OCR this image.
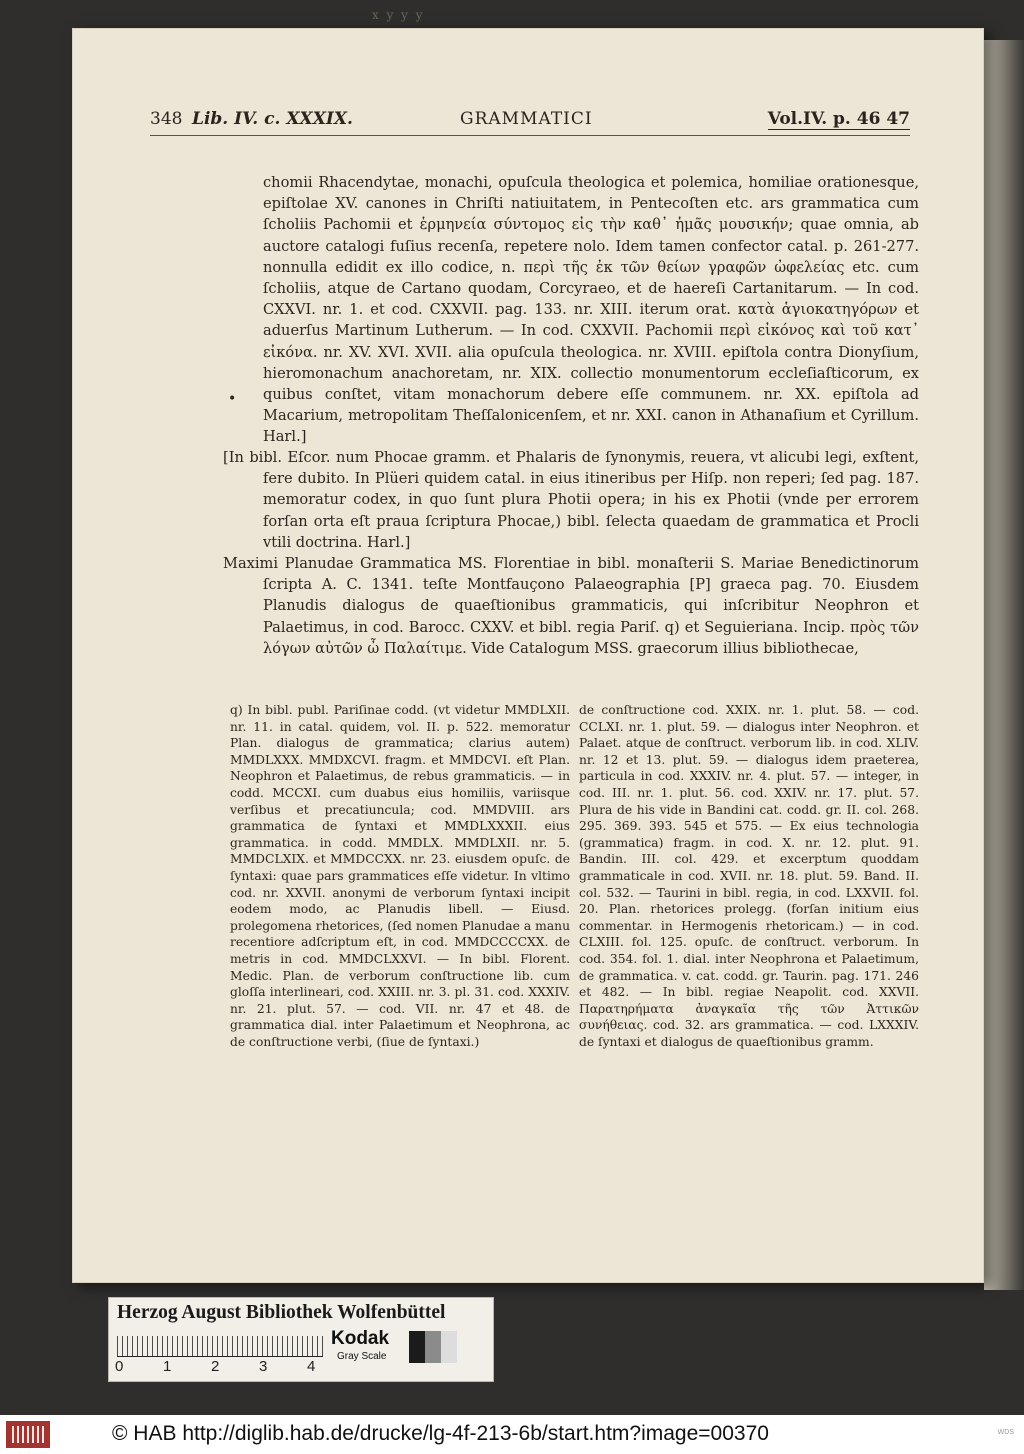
x y y y
348 Lib. IV. c. XXXIX.	GRAMMATICI	Vol.IV. p. 46 47

chomii Rhacendytae, monachi, opuſcula theologica et polemica, homiliae orationesque, epiſtolae XV. canones in Chriſti natiuitatem, in Pentecoſten etc. ars grammatica cum ſcholiis Pachomii et ἑρμηνεία σύντομος εἰς τὴν καθ᾽ ἡμᾶς μουσικήν; quae omnia, ab auctore catalogi fuſius recenſa, repetere nolo. Idem tamen confector catal. p. 261-277. nonnulla edidit ex illo codice, n. περὶ τῆς ἐκ τῶν θείων γραφῶν ὠφελείας etc. cum ſcholiis, atque de Cartano quodam, Corcyraeo, et de haereſi Cartanitarum. — In cod. CXXVI. nr. 1. et cod. CXXVII. pag. 133. nr. XIII. iterum orat. κατὰ ἁγιοκατηγόρων et aduerſus Martinum Lutherum. — In cod. CXXVII. Pachomii περὶ εἰκόνος καὶ τοῦ κατ᾽ εἰκόνα. nr. XV. XVI. XVII. alia opuſcula theologica. nr. XVIII. epiſtola contra Dionyſium, hieromonachum anachoretam, nr. XIX. collectio monumentorum eccleſiaſticorum, ex quibus conſtet, vitam monachorum debere eſſe communem. nr. XX. epiſtola ad Macarium, metropolitam Theſſalonicenſem, et nr. XXI. canon in Athanaſium et Cyrillum. Harl.]

•

[In bibl. Eſcor. num Phocae gramm. et Phalaris de ſynonymis, reuera, vt alicubi legi, exſtent, fere dubito. In Plüeri quidem catal. in eius itineribus per Hiſp. non reperi; ſed pag. 187. memoratur codex, in quo ſunt plura Photii opera; in his ex Photii (vnde per errorem forſan orta eſt praua ſcriptura Phocae,) bibl. ſelecta quaedam de grammatica et Procli vtili doctrina. Harl.]

Maximi Planudae Grammatica MS. Florentiae in bibl. monaſterii S. Mariae Benedictinorum ſcripta A. C. 1341. teſte Montfauçono Palaeographia [P] graeca pag. 70. Eiusdem Planudis dialogus de quaeſtionibus grammaticis, qui inſcribitur Neophron et Palaetimus, in cod. Barocc. CXXV. et bibl. regia Pariſ. q) et Seguieriana. Incip. πρὸς τῶν λόγων αὐτῶν ὦ Παλαίτιμε. Vide Catalogum MSS. graecorum illius bibliothecae,

q) In bibl. publ. Pariſinae codd. (vt videtur MMDLXII. nr. 11. in catal. quidem, vol. II. p. 522. memoratur Plan. dialogus de grammatica; clarius autem) MMDLXXX. MMDXCVI. fragm. et MMDCVI. eſt Plan. Neophron et Palaetimus, de rebus grammaticis. — in codd. MCCXI. cum duabus eius homiliis, variisque verſibus et precatiuncula; cod. MMDVIII. ars grammatica de ſyntaxi et MMDLXXXII. eius grammatica. in codd. MMDLX. MMDLXII. nr. 5. MMDCLXIX. et MMDCCXX. nr. 23. eiusdem opuſc. de ſyntaxi: quae pars grammatices eſſe videtur. In vltimo cod. nr. XXVII. anonymi de verborum ſyntaxi incipit eodem modo, ac Planudis libell. — Eiusd. prolegomena rhetorices, (ſed nomen Planudae a manu recentiore adſcriptum eſt, in cod. MMDCCCCXX. de metris in cod. MMDCLXXVI. — In bibl. Florent. Medic. Plan. de verborum conſtructione lib. cum gloſſa interlineari, cod. XXIII. nr. 3. pl. 31. cod. XXXIV. nr. 21. plut. 57. — cod. VII. nr. 47 et 48. de grammatica dial. inter Palaetimum et Neophrona, ac de conſtructione verbi, (ſiue de ſyntaxi.)

de conſtructione cod. XXIX. nr. 1. plut. 58. — cod. CCLXI. nr. 1. plut. 59. — dialogus inter Neophron. et Palaet. atque de conſtruct. verborum lib. in cod. XLIV. nr. 12 et 13. plut. 59. — dialogus idem praeterea, particula in cod. XXXIV. nr. 4. plut. 57. — integer, in cod. III. nr. 1. plut. 56. cod. XXIV. nr. 17. plut. 57. Plura de his vide in Bandini cat. codd. gr. II. col. 268. 295. 369. 393. 545 et 575. — Ex eius technologia (grammatica) fragm. in cod. X. nr. 12. plut. 91. Bandin. III. col. 429. et excerptum quoddam grammaticale in cod. XVII. nr. 18. plut. 59. Band. II. col. 532. — Taurini in bibl. regia, in cod. LXXVII. fol. 20. Plan. rhetorices prolegg. (forſan initium eius commentar. in Hermogenis rhetoricam.) — in cod. CLXIII. fol. 125. opuſc. de conſtruct. verborum. In cod. 354. fol. 1. dial. inter Neophrona et Palaetimum, de grammatica. v. cat. codd. gr. Taurin. pag. 171. 246 et 482. — In bibl. regiae Neapolit. cod. XXVII. Παρατηρήματα ἀναγκαῖα τῆς τῶν Ἀττικῶν συνήθειας. cod. 32. ars grammatica. — cod. LXXXIV. de ſyntaxi et dialogus de quaeſtionibus gramm.

Herzog August Bibliothek Wolfenbüttel
0	1	2	3	4
Kodak
Gray Scale
© HAB http://diglib.hab.de/drucke/lg-4f-213-6b/start.htm?image=00370	WDS
